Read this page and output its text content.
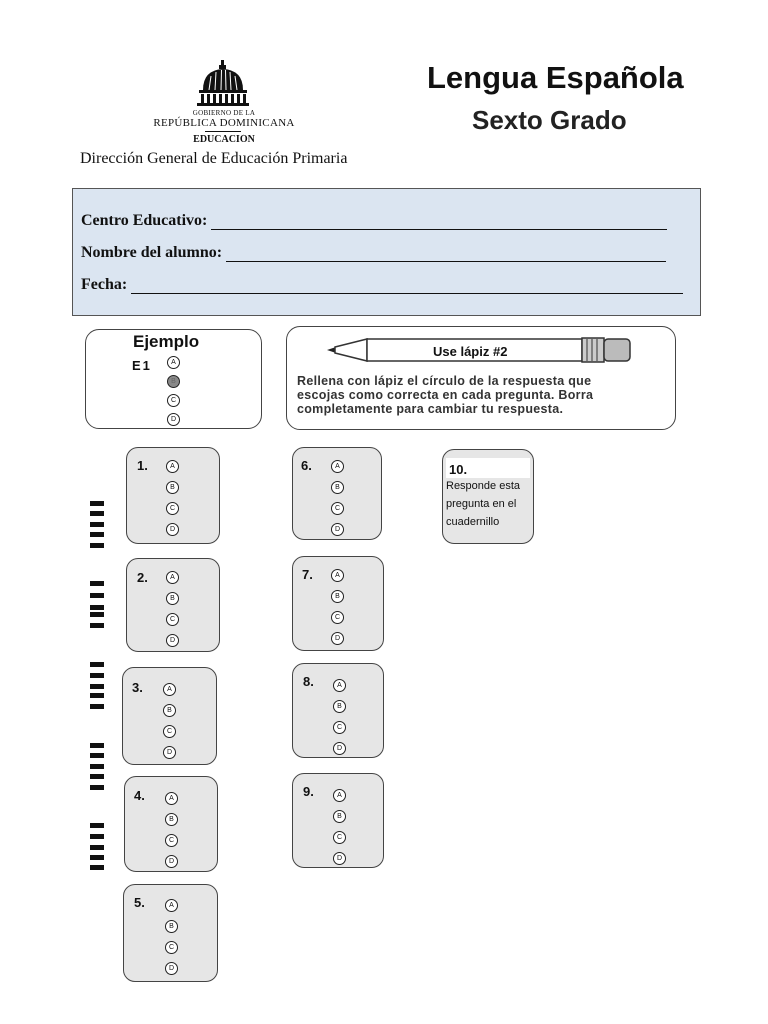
GOBIERNO DE LA
REPÚBLICA DOMINICANA
EDUCACIÓN
Dirección General de Educación Primaria
Lengua Española
Sexto Grado
Centro Educativo:
Nombre del alumno:
Fecha:
Ejemplo
E1	A
B
C
D
Use lápiz #2
Rellena con lápiz el círculo de la respuesta que
escojas como correcta en cada pregunta. Borra
completamente para cambiar tu respuesta.
1.	A
B
C
D
2.	A
B
C
D
3.	A
B
C
D
4.	A
B
C
D
5.	A
B
C
D
6.	A
B
C
D
7.	A
B
C
D
8.	A
B
C
D
9.	A
B
C
D
10.
Responde esta
pregunta en el
cuadernillo
